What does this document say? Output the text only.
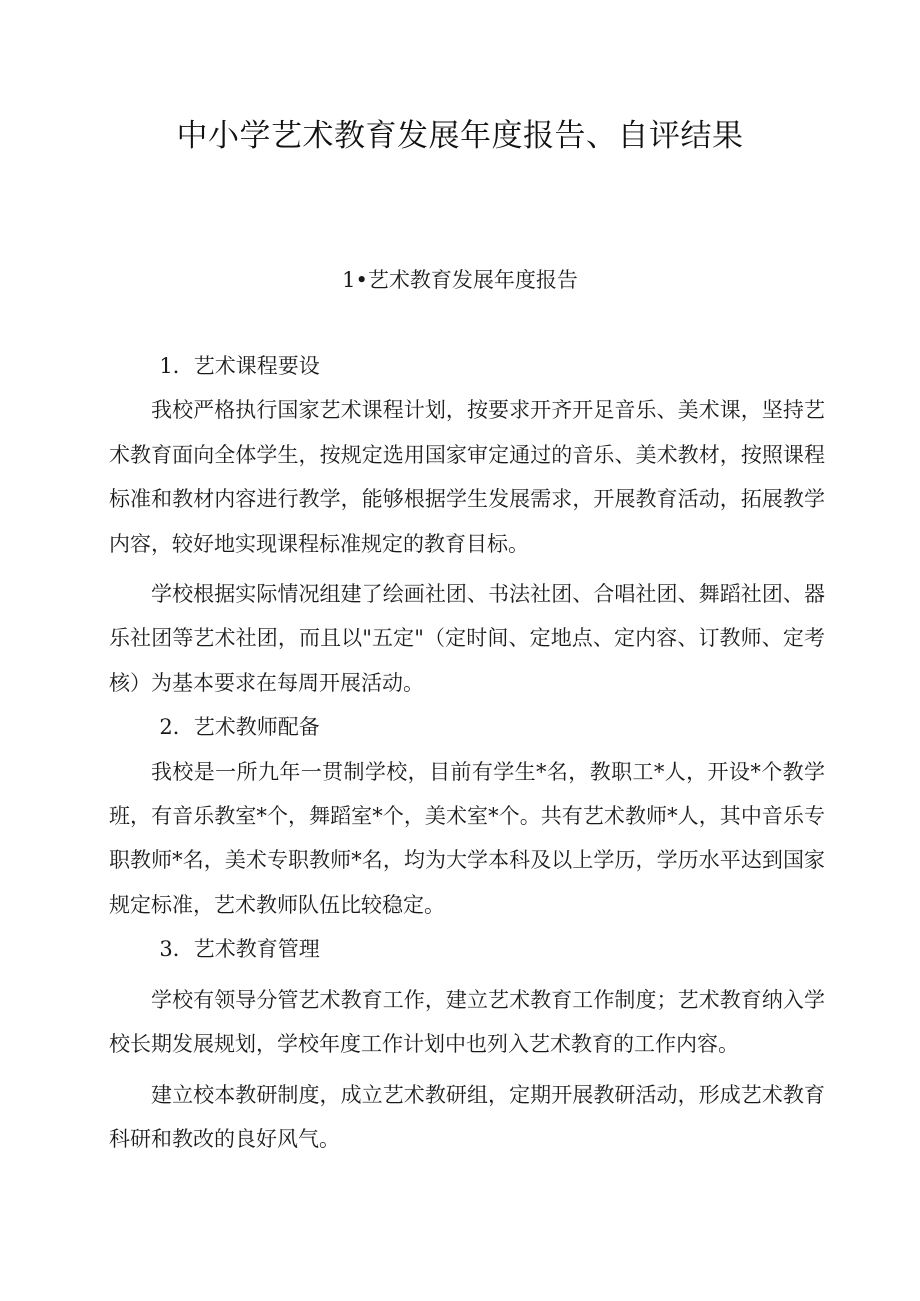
中小学艺术教育发展年度报告、自评结果
1•艺术教育发展年度报告

1．艺术课程要设

我校严格执行国家艺术课程计划，按要求开齐开足音乐、美术课，坚持艺术教育面向全体学生，按规定选用国家审定通过的音乐、美术教材，按照课程标准和教材内容进行教学，能够根据学生发展需求，开展教育活动，拓展教学内容，较好地实现课程标准规定的教育目标。

学校根据实际情况组建了绘画社团、书法社团、合唱社团、舞蹈社团、器乐社团等艺术社团，而且以"五定"（定时间、定地点、定内容、订教师、定考核）为基本要求在每周开展活动。

2．艺术教师配备

我校是一所九年一贯制学校，目前有学生*名，教职工*人，开设*个教学班，有音乐教室*个，舞蹈室*个，美术室*个。共有艺术教师*人，其中音乐专职教师*名，美术专职教师*名，均为大学本科及以上学历，学历水平达到国家规定标准，艺术教师队伍比较稳定。

3．艺术教育管理

学校有领导分管艺术教育工作，建立艺术教育工作制度；艺术教育纳入学校长期发展规划，学校年度工作计划中也列入艺术教育的工作内容。

建立校本教研制度，成立艺术教研组，定期开展教研活动，形成艺术教育科研和教改的良好风气。
